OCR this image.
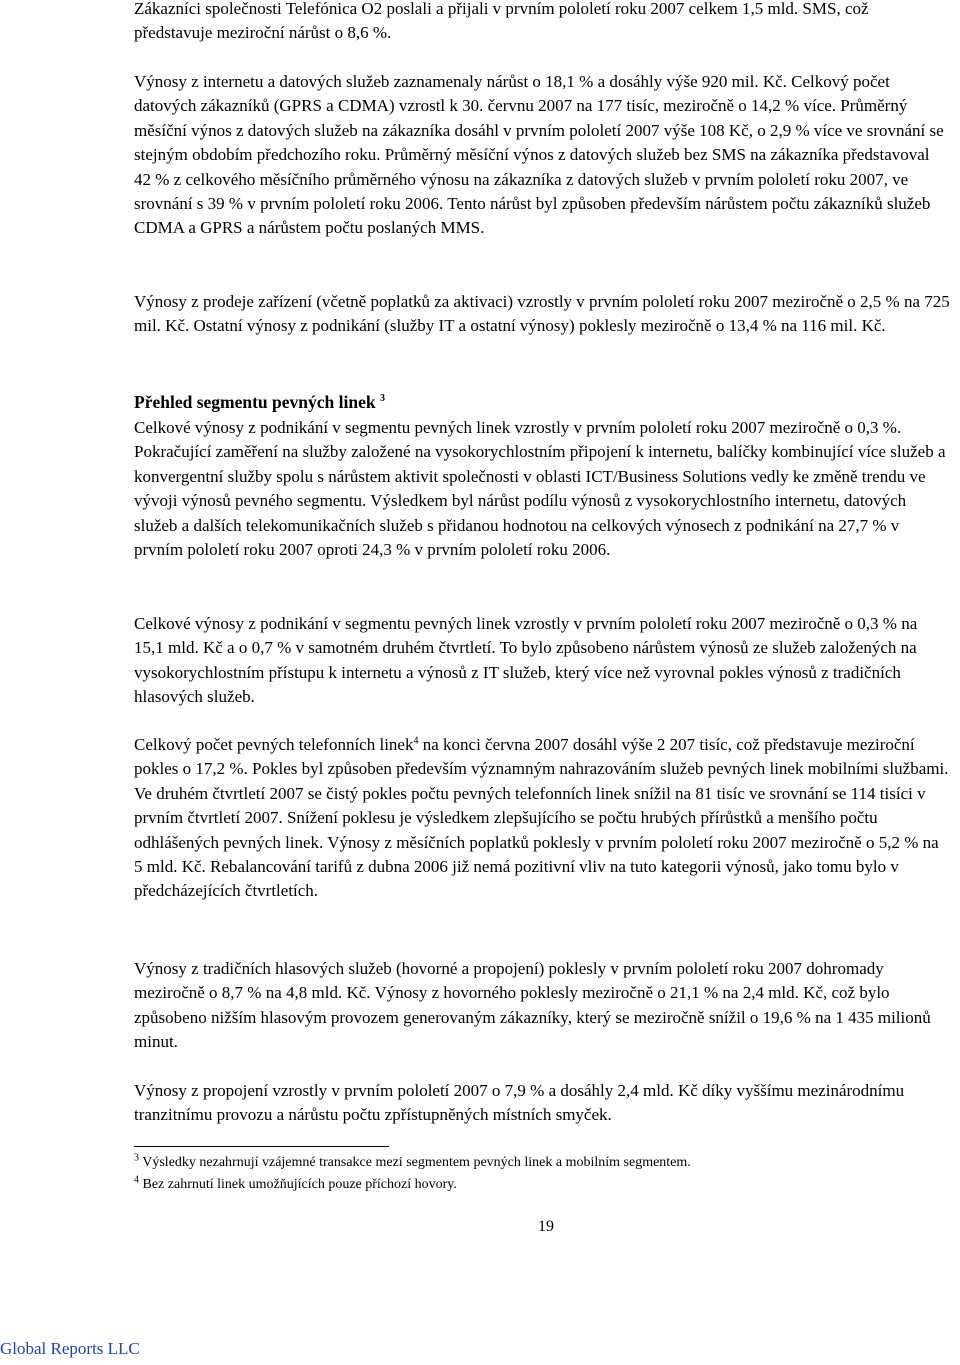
Zákazníci společnosti Telefónica O2 poslali a přijali v prvním pololetí roku 2007 celkem 1,5 mld. SMS, což představuje meziroční nárůst o 8,6 %.

Výnosy z internetu a datových služeb zaznamenaly nárůst o 18,1 % a dosáhly výše 920 mil. Kč. Celkový počet datových zákazníků (GPRS a CDMA) vzrostl k 30. červnu 2007 na 177 tisíc, meziročně o 14,2 % více. Průměrný měsíční výnos z datových služeb na zákazníka dosáhl v prvním pololetí 2007 výše 108 Kč, o 2,9 % více ve srovnání se stejným obdobím předchozího roku. Průměrný měsíční výnos z datových služeb bez SMS na zákazníka představoval 42 % z celkového měsíčního průměrného výnosu na zákazníka z datových služeb v prvním pololetí roku 2007, ve srovnání s 39 % v prvním pololetí roku 2006. Tento nárůst byl způsoben především nárůstem počtu zákazníků služeb CDMA a GPRS a nárůstem počtu poslaných MMS.

Výnosy z prodeje zařízení (včetně poplatků za aktivaci) vzrostly v prvním pololetí roku 2007 meziročně o 2,5 % na 725 mil. Kč. Ostatní výnosy z podnikání (služby IT a ostatní výnosy) poklesly meziročně o 13,4 % na 116 mil. Kč.

Přehled segmentu pevných linek $^3$

Celkové výnosy z podnikání v segmentu pevných linek vzrostly v prvním pololetí roku 2007 meziročně o 0,3 %. Pokračující zaměření na služby založené na vysokorychlostním připojení k internetu, balíčky kombinující více služeb a konvergentní služby spolu s nárůstem aktivit společnosti v oblasti ICT/Business Solutions vedly ke změně trendu ve vývoji výnosů pevného segmentu. Výsledkem byl nárůst podílu výnosů z vysokorychlostního internetu, datových služeb a dalších telekomunikačních služeb s přidanou hodnotou na celkových výnosech z podnikání na 27,7 % v prvním pololetí roku 2007 oproti 24,3 % v prvním pololetí roku 2006.

Celkové výnosy z podnikání v segmentu pevných linek vzrostly v prvním pololetí roku 2007 meziročně o 0,3 % na 15,1 mld. Kč a o 0,7 % v samotném druhém čtvrtletí. To bylo způsobeno nárůstem výnosů ze služeb založených na vysokorychlostním přístupu k internetu a výnosů z IT služeb, který více než vyrovnal pokles výnosů z tradičních hlasových služeb.

Celkový počet pevných telefonních linek$^4$ na konci června 2007 dosáhl výše 2 207 tisíc, což představuje meziroční pokles o 17,2 %. Pokles byl způsoben především významným nahrazováním služeb pevných linek mobilními službami. Ve druhém čtvrtletí 2007 se čistý pokles počtu pevných telefonních linek snížil na 81 tisíc ve srovnání se 114 tisíci v prvním čtvrtletí 2007. Snížení poklesu je výsledkem zlepšujícího se počtu hrubých přírůstků a menšího počtu odhlášených pevných linek. Výnosy z měsíčních poplatků poklesly v prvním pololetí roku 2007 meziročně o 5,2 % na 5 mld. Kč. Rebalancování tarifů z dubna 2006 již nemá pozitivní vliv na tuto kategorii výnosů, jako tomu bylo v předcházejících čtvrtletích.

Výnosy z tradičních hlasových služeb (hovorné a propojení) poklesly v prvním pololetí roku 2007 dohromady meziročně o 8,7 % na 4,8 mld. Kč. Výnosy z hovorného poklesly meziročně o 21,1 % na 2,4 mld. Kč, což bylo způsobeno nižším hlasovým provozem generovaným zákazníky, který se meziročně snížil o 19,6 % na 1 435 milionů minut.

Výnosy z propojení vzrostly v prvním pololetí 2007 o 7,9 % a dosáhly 2,4 mld. Kč díky vyššímu mezinárodnímu tranzitnímu provozu a nárůstu počtu zpřístupněných místních smyček.

$^3$ Výsledky nezahrnují vzájemné transakce mezi segmentem pevných linek a mobilním segmentem.

$^4$ Bez zahrnutí linek umožňujících pouze příchozí hovory.

19
Global Reports LLC
